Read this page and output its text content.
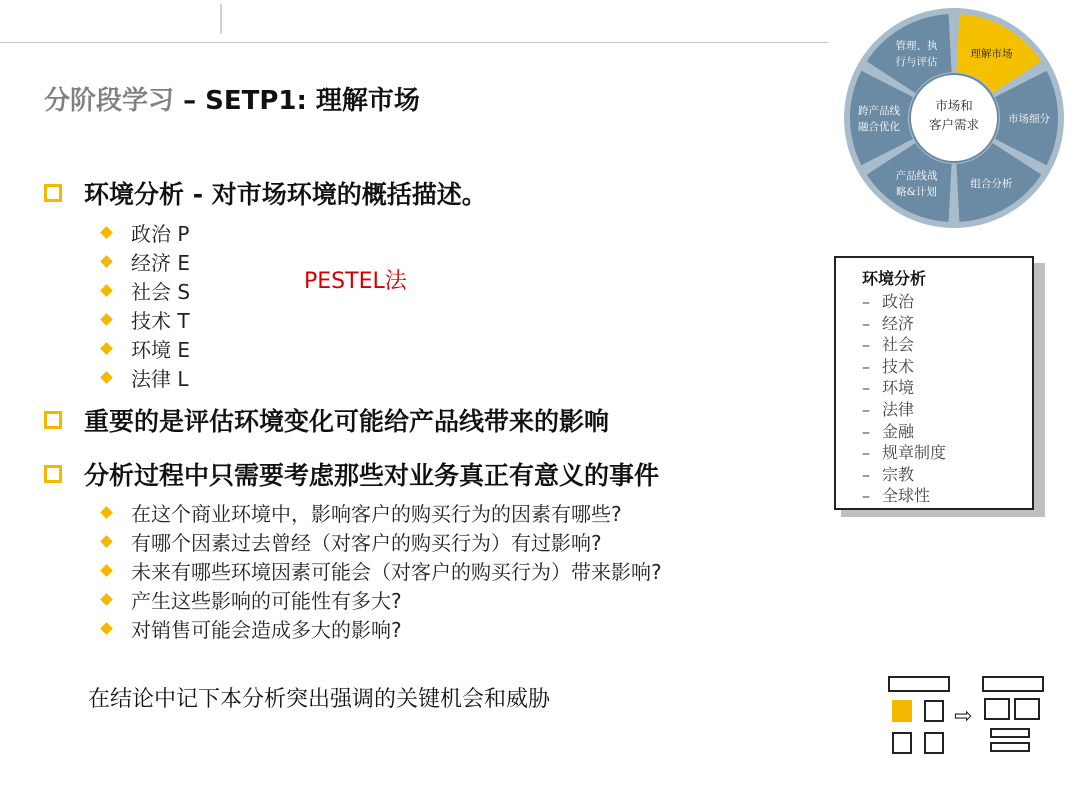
分阶段学习 – SETP1: 理解市场
环境分析 - 对市场环境的概括描述。
政治 P
经济 E
社会 S
技术 T
环境 E
法律 L
PESTEL法
重要的是评估环境变化可能给产品线带来的影响
分析过程中只需要考虑那些对业务真正有意义的事件
在这个商业环境中，影响客户的购买行为的因素有哪些?
有哪个因素过去曾经（对客户的购买行为）有过影响?
未来有哪些环境因素可能会（对客户的购买行为）带来影响?
产生这些影响的可能性有多大?
对销售可能会造成多大的影响?
在结论中记下本分析突出强调的关键机会和威胁
理解市场
市场细分
组合分析
产品线战
略&计划
跨产品线
融合优化
管理、执
行与评估
市场和
客户需求
环境分析
– 政治
– 经济
– 社会
– 技术
– 环境
– 法律
– 金融
– 规章制度
– 宗教
– 全球性
⇨
